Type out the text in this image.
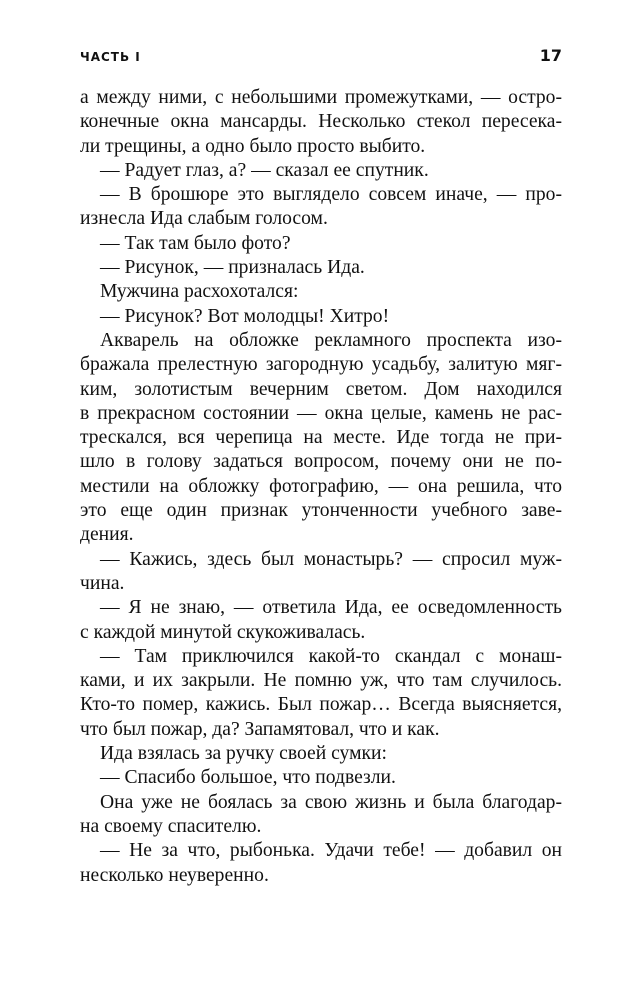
ЧАСТЬ I	17
а между ними, с небольшими промежутками, — остро-
конечные окна мансарды. Несколько стекол пересека-
ли трещины, а одно было просто выбито.
— Радует глаз, а? — сказал ее спутник.
— В брошюре это выглядело совсем иначе, — про-
изнесла Ида слабым голосом.
— Так там было фото?
— Рисунок, — призналась Ида.
Мужчина расхохотался:
— Рисунок? Вот молодцы! Хитро!
Акварель на обложке рекламного проспекта изо-
бражала прелестную загородную усадьбу, залитую мяг-
ким, золотистым вечерним светом. Дом находился
в прекрасном состоянии — окна целые, камень не рас-
трескался, вся черепица на месте. Иде тогда не при-
шло в голову задаться вопросом, почему они не по-
местили на обложку фотографию, — она решила, что
это еще один признак утонченности учебного заве-
дения.
— Кажись, здесь был монастырь? — спросил муж-
чина.
— Я не знаю, — ответила Ида, ее осведомленность
с каждой минутой скукоживалась.
— Там приключился какой-то скандал с монаш-
ками, и их закрыли. Не помню уж, что там случилось.
Кто-то помер, кажись. Был пожар… Всегда выясняется,
что был пожар, да? Запамятовал, что и как.
Ида взялась за ручку своей сумки:
— Спасибо большое, что подвезли.
Она уже не боялась за свою жизнь и была благодар-
на своему спасителю.
— Не за что, рыбонька. Удачи тебе! — добавил он
несколько неуверенно.
